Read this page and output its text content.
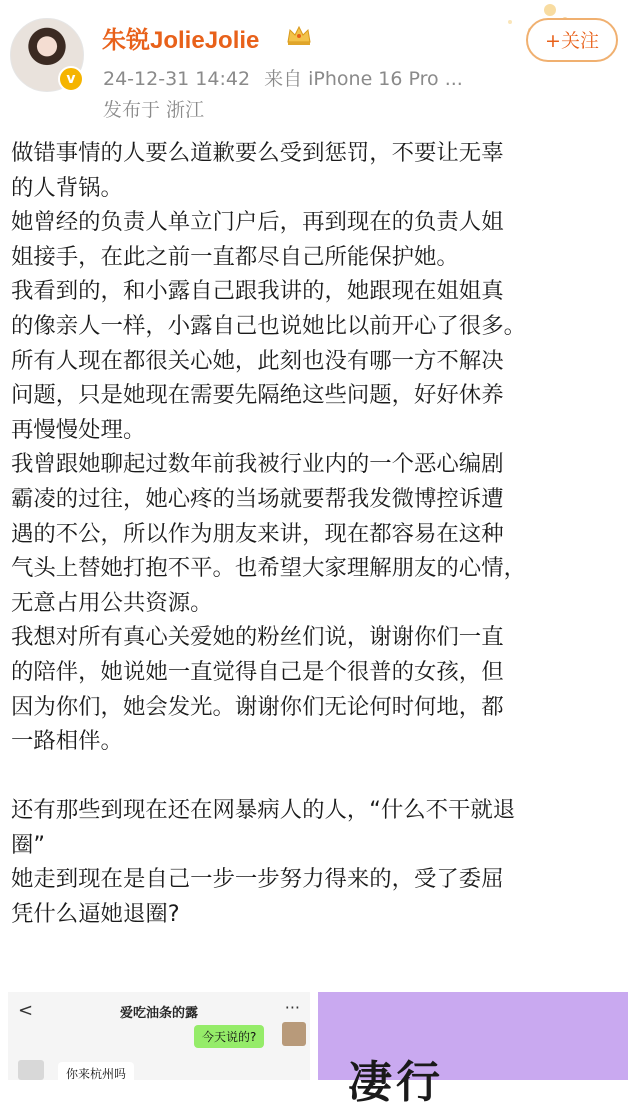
v
朱锐JolieJolie
24-12-31 14:42 来自 iPhone 16 Pro ...
发布于 浙江
+关注

做错事情的人要么道歉要么受到惩罚，不要让无辜

的人背锅。

她曾经的负责人单立门户后，再到现在的负责人姐

姐接手，在此之前一直都尽自己所能保护她。

我看到的，和小露自己跟我讲的，她跟现在姐姐真

的像亲人一样，小露自己也说她比以前开心了很多。

所有人现在都很关心她，此刻也没有哪一方不解决

问题，只是她现在需要先隔绝这些问题，好好休养

再慢慢处理。

我曾跟她聊起过数年前我被行业内的一个恶心编剧

霸凌的过往，她心疼的当场就要帮我发微博控诉遭

遇的不公，所以作为朋友来讲，现在都容易在这种

气头上替她打抱不平。也希望大家理解朋友的心情，

无意占用公共资源。

我想对所有真心关爱她的粉丝们说，谢谢你们一直

的陪伴，她说她一直觉得自己是个很普的女孩，但

因为你们，她会发光。谢谢你们无论何时何地，都

一路相伴。

还有那些到现在还在网暴病人的人，“什么不干就退

圈”

她走到现在是自己一步一步努力得来的，受了委屈

凭什么逼她退圈?

<	爱吃油条的露	···
今天说的?
你来杭州吗	凄行
